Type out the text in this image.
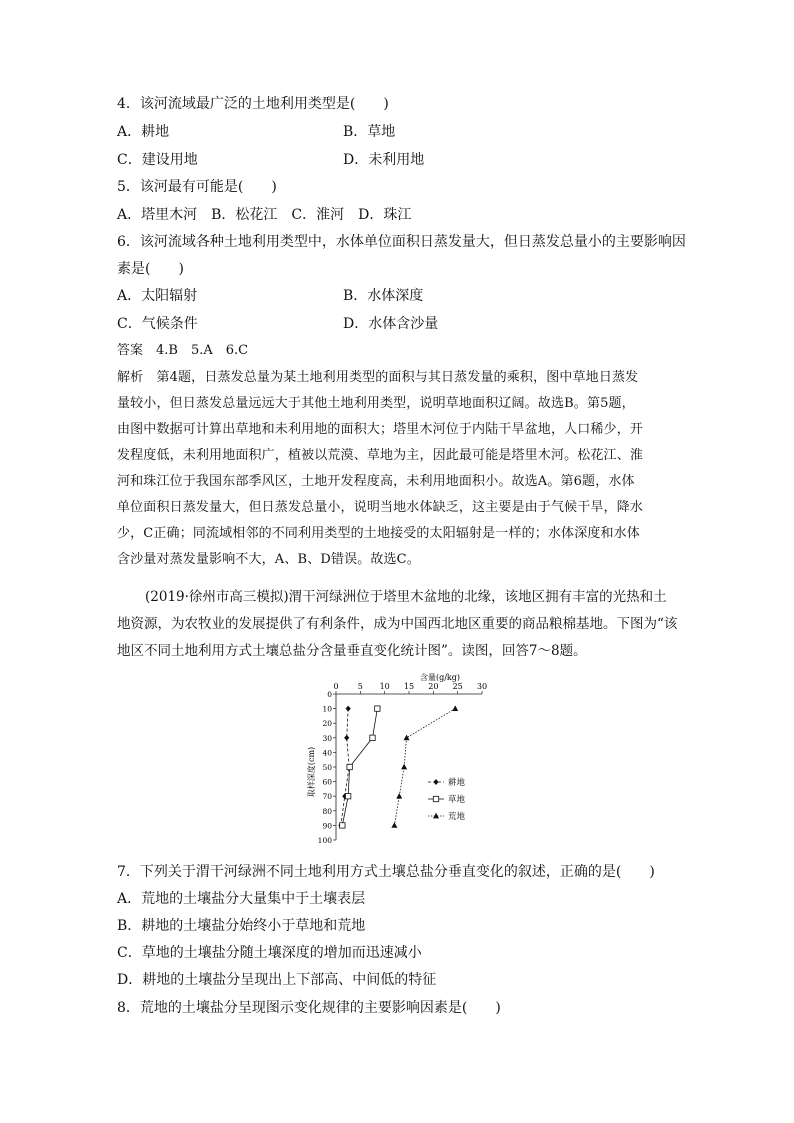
4．该河流域最广泛的土地利用类型是(　　)
A．耕地	B．草地
C．建设用地	D．未利用地
5．该河最有可能是(　　)
A．塔里木河　B．松花江　C．淮河　D．珠江
6．该河流域各种土地利用类型中，水体单位面积日蒸发量大，但日蒸发总量小的主要影响因
素是(　　)
A．太阳辐射	B．水体深度
C．气候条件	D．水体含沙量
答案　4.B　5.A　6.C

解析　第4题，日蒸发总量为某土地利用类型的面积与其日蒸发量的乘积，图中草地日蒸发

量较小，但日蒸发总量远远大于其他土地利用类型，说明草地面积辽阔。故选B。第5题，

由图中数据可计算出草地和未利用地的面积大；塔里木河位于内陆干旱盆地，人口稀少，开

发程度低，未利用地面积广，植被以荒漠、草地为主，因此最可能是塔里木河。松花江、淮

河和珠江位于我国东部季风区，土地开发程度高，未利用地面积小。故选A。第6题，水体

单位面积日蒸发量大，但日蒸发总量小，说明当地水体缺乏，这主要是由于气候干旱，降水

少，C正确；同流域相邻的不同利用类型的土地接受的太阳辐射是一样的；水体深度和水体

含沙量对蒸发量影响不大，A、B、D错误。故选C。

(2019·徐州市高三模拟)渭干河绿洲位于塔里木盆地的北缘，该地区拥有丰富的光热和土

地资源，为农牧业的发展提供了有利条件，成为中国西北地区重要的商品粮棉基地。下图为“该

地区不同土地利用方式土壤总盐分含量垂直变化统计图”。读图，回答7～8题。

含量(g/kg)
取样深度(cm)
0 5 10 15 20 25 30
0
10
20
30
40
50
60
70
80
90
100
耕地
草地
荒地
7．下列关于渭干河绿洲不同土地利用方式土壤总盐分垂直变化的叙述，正确的是(　　)
A．荒地的土壤盐分大量集中于土壤表层
B．耕地的土壤盐分始终小于草地和荒地
C．草地的土壤盐分随土壤深度的增加而迅速减小
D．耕地的土壤盐分呈现出上下部高、中间低的特征
8．荒地的土壤盐分呈现图示变化规律的主要影响因素是(　　)
